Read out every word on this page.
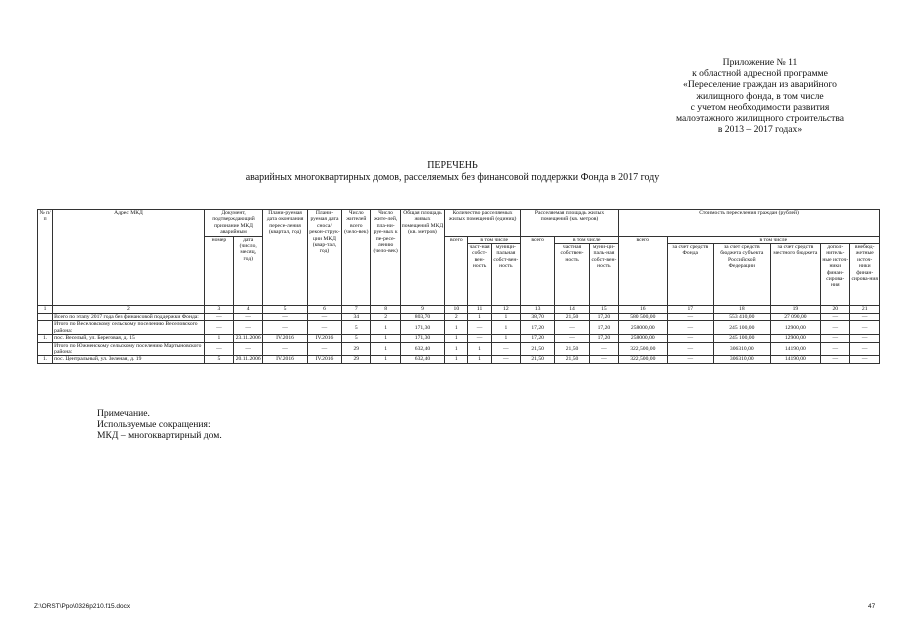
Приложение № 11
к областной адресной программе
«Переселение граждан из аварийного
жилищного фонда, в том числе
с учетом необходимости развития
малоэтажного жилищного строительства
в 2013 – 2017 годах»
ПЕРЕЧЕНЬ
аварийных многоквартирных домов, расселяемых без финансовой поддержки Фонда в 2017 году
№ п/п	Адрес МКД	Документ, подтверждающий признание МКД аварийным		Плани-руемая дата окончания пересе-ления (квартал, год)	Плани-руемая дата сноса/ рекон-струк-ции МКД (квар-тал, год)	Число жителей всего (чело-век)	Число жите-лей, пла-ни-руе-мых к пе-ресе-лению (чело-век)	Общая площадь живых помещений МКД (кв. метров)	Количество расселяемых жилых помещений (единиц)			Расселяемая площадь жилых помещений (кв. метров)			Стоимость переселения граждан (рублей)					
		номер	дата (число, месяц, год)						всего	в том числе		всего	в том числе		всего	в том числе				
										част-ная собст-вен-ность	муници-пальная собст-вен-ность		частная собствен-ность	муни-ци-паль-ная собст-вен-ность		за счет средств Фонда	за счет средств бюджета субъекта Российской Федерации	за счет средств местного бюджета	допол-нитель-ные источ-ники финан-сирова-ния	внебюд-жетные источ-ники финан-сирова-ния
1	2	3	4	5	6	7	8	9	10	11	12	13	14	15	16	17	18	19	20	21
	Всего по этапу 2017 года без финансовой поддержки Фонда:	—	—	—	—	34	2	803,70	2	1	1	38,70	21,50	17,20	580 500,00	—	553 410,00	27 090,00	—	—
	Итого по Веселовскому сельскому поселению Веселовского района:	—	—	—	—	5	1	171,30	1	—	1	17,20	—	17,20	258000,00	—	245 100,00	12900,00	—	—
1.	пос. Веселый, ул. Береговая, д. 15	1	23.11.2006	IV.2016	IV.2016	5	1	171,30	1	—	1	17,20	—	17,20	258000,00	—	245 100,00	12900,00	—	—
	Итого по Южненскому сельскому поселению Мартыновского района:	—	—	—	—	29	1	632,40	1	1	—	21,50	21,50	—	322,500,00	—	306310,00	14190,00	—	—
1.	пос. Центральный, ул. Зеленая, д. 19	5	20.11.2006	IV.2016	IV.2016	29	1	632,40	1	1	—	21,50	21,50	—	322,500,00	—	306310,00	14190,00	—	—
Примечание.
Используемые сокращения:
МКД – многоквартирный дом.
Z:\ORST\Ppo\0326p210.f15.docx	47
